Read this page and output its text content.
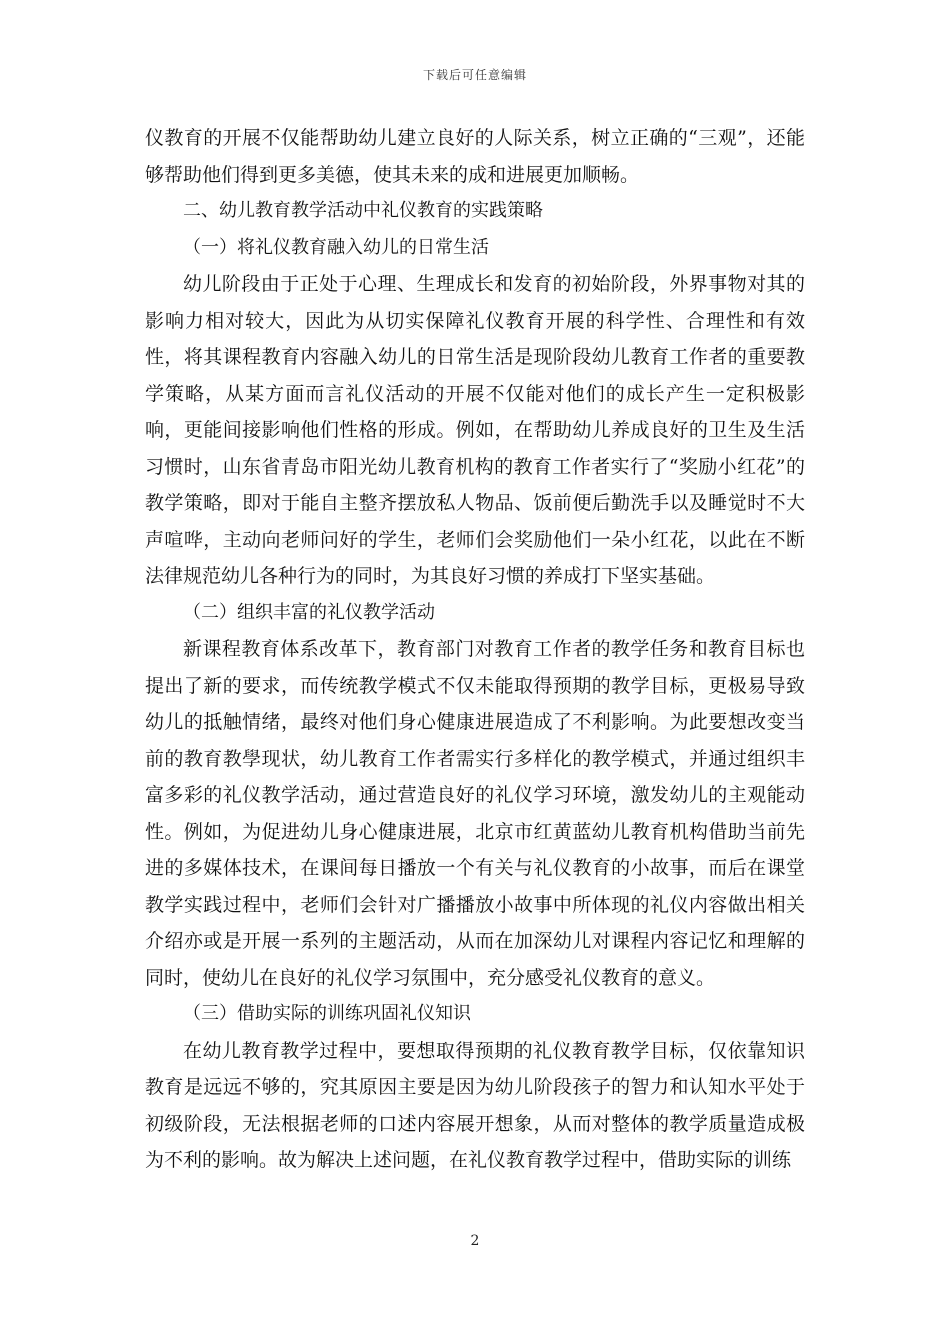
下载后可任意编辑

仪教育的开展不仅能帮助幼儿建立良好的人际关系，树立正确的“三观”，还能够帮助他们得到更多美德，使其未来的成和进展更加顺畅。

二、幼儿教育教学活动中礼仪教育的实践策略

（一）将礼仪教育融入幼儿的日常生活

幼儿阶段由于正处于心理、生理成长和发育的初始阶段，外界事物对其的影响力相对较大，因此为从切实保障礼仪教育开展的科学性、合理性和有效性，将其课程教育内容融入幼儿的日常生活是现阶段幼儿教育工作者的重要教学策略，从某方面而言礼仪活动的开展不仅能对他们的成长产生一定积极影响，更能间接影响他们性格的形成。例如，在帮助幼儿养成良好的卫生及生活习惯时，山东省青岛市阳光幼儿教育机构的教育工作者实行了“奖励小红花”的教学策略，即对于能自主整齐摆放私人物品、饭前便后勤洗手以及睡觉时不大声喧哗，主动向老师问好的学生，老师们会奖励他们一朵小红花，以此在不断法律规范幼儿各种行为的同时，为其良好习惯的养成打下坚实基础。

（二）组织丰富的礼仪教学活动

新课程教育体系改革下，教育部门对教育工作者的教学任务和教育目标也提出了新的要求，而传统教学模式不仅未能取得预期的教学目标，更极易导致幼儿的抵触情绪，最终对他们身心健康进展造成了不利影响。为此要想改变当前的教育教學现状，幼儿教育工作者需实行多样化的教学模式，并通过组织丰富多彩的礼仪教学活动，通过营造良好的礼仪学习环境，激发幼儿的主观能动性。例如，为促进幼儿身心健康进展，北京市红黄蓝幼儿教育机构借助当前先进的多媒体技术，在课间每日播放一个有关与礼仪教育的小故事，而后在课堂教学实践过程中，老师们会针对广播播放小故事中所体现的礼仪内容做出相关介绍亦或是开展一系列的主题活动，从而在加深幼儿对课程内容记忆和理解的同时，使幼儿在良好的礼仪学习氛围中，充分感受礼仪教育的意义。

（三）借助实际的训练巩固礼仪知识

在幼儿教育教学过程中，要想取得预期的礼仪教育教学目标，仅依靠知识教育是远远不够的，究其原因主要是因为幼儿阶段孩子的智力和认知水平处于初级阶段，无法根据老师的口述内容展开想象，从而对整体的教学质量造成极为不利的影响。故为解决上述问题，在礼仪教育教学过程中，借助实际的训练

2
